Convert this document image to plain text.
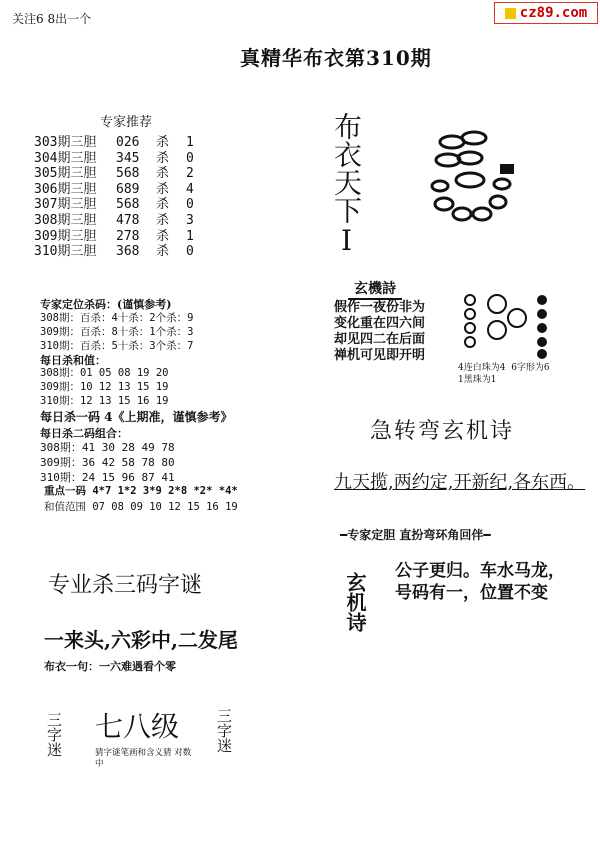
关注6 8出一个	cz89.com
真精华布衣第310期
专家推荐
303期三胆 026 杀 1
304期三胆 345 杀 0
305期三胆 568 杀 2
306期三胆 689 杀 4
307期三胆 568 杀 0
308期三胆 478 杀 3
309期三胆 278 杀 1
310期三胆 368 杀 0
专家定位杀码：(谨慎参考)
308期：百杀：4十杀：2个杀：9
309期：百杀：8十杀：1个杀：3
310期：百杀：5十杀：3个杀：7
每日杀和值：
308期：01 05 08 19 20
309期：10 12 13 15 19
310期：12 13 15 16 19
每日杀一码 4《上期准，谨慎参考》
每日杀二码组合：
308期：41 30 28 49 78
309期：36 42 58 78 80
310期：24 15 96 87 41
重点一码 4*7 1*2 3*9 2*8 *2* *4*
和值范围 07 08 09 10 12 15 16 19
布衣天下Ⅰ
玄機詩
假作一夜份非为
变化重在四六间
却见四二在后面
禅机可见即开明
4连白珠为4 6字形为6
1黑珠为1
急转弯玄机诗
九天揽,两约定,开新纪,各东西。
━专家定胆 直扮弯环角回伴━
玄机诗
公子更归。车水马龙，
号码有一，位置不变
专业杀三码字谜
一来头,六彩中,二发尾
布衣一句：一六难遇看个零
三字迷 七八级
猜字谜笔画和含义猜 对数中
三字迷
